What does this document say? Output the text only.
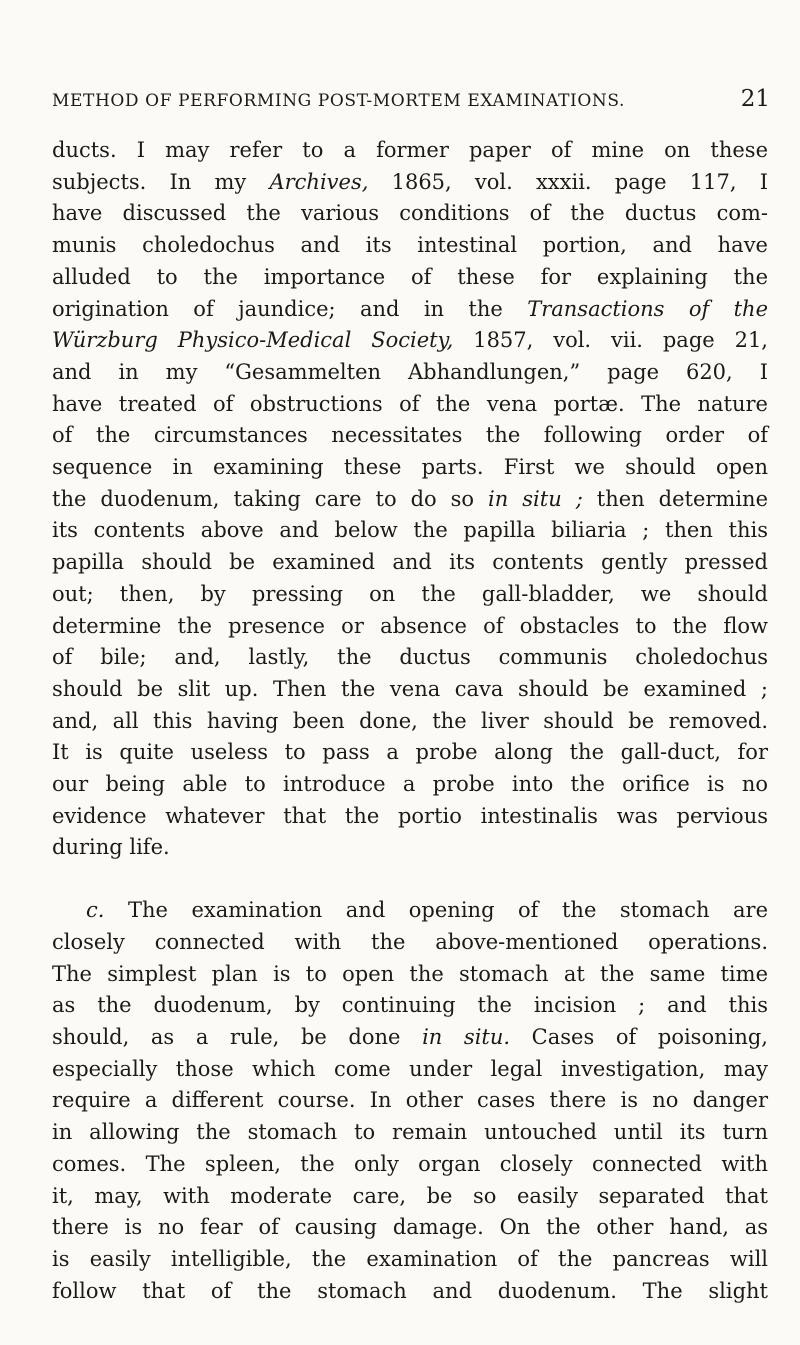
METHOD OF PERFORMING POST-MORTEM EXAMINATIONS.	21
ducts. I may refer to a former paper of mine on these
subjects. In my Archives, 1865, vol. xxxii. page 117, I
have discussed the various conditions of the ductus com-
munis choledochus and its intestinal portion, and have
alluded to the importance of these for explaining the
origination of jaundice; and in the Transactions of the
Würzburg Physico-Medical Society, 1857, vol. vii. page 21,
and in my “Gesammelten Abhandlungen,” page 620, I
have treated of obstructions of the vena portæ. The nature
of the circumstances necessitates the following order of
sequence in examining these parts. First we should open
the duodenum, taking care to do so in situ ; then determine
its contents above and below the papilla biliaria ; then this
papilla should be examined and its contents gently pressed
out; then, by pressing on the gall-bladder, we should
determine the presence or absence of obstacles to the flow
of bile; and, lastly, the ductus communis choledochus
should be slit up. Then the vena cava should be examined ;
and, all this having been done, the liver should be removed.
It is quite useless to pass a probe along the gall-duct, for
our being able to introduce a probe into the orifice is no
evidence whatever that the portio intestinalis was pervious
during life.
c. The examination and opening of the stomach are
closely connected with the above-mentioned operations.
The simplest plan is to open the stomach at the same time
as the duodenum, by continuing the incision ; and this
should, as a rule, be done in situ. Cases of poisoning,
especially those which come under legal investigation, may
require a different course. In other cases there is no danger
in allowing the stomach to remain untouched until its turn
comes. The spleen, the only organ closely connected with
it, may, with moderate care, be so easily separated that
there is no fear of causing damage. On the other hand, as
is easily intelligible, the examination of the pancreas will
follow that of the stomach and duodenum. The slight
